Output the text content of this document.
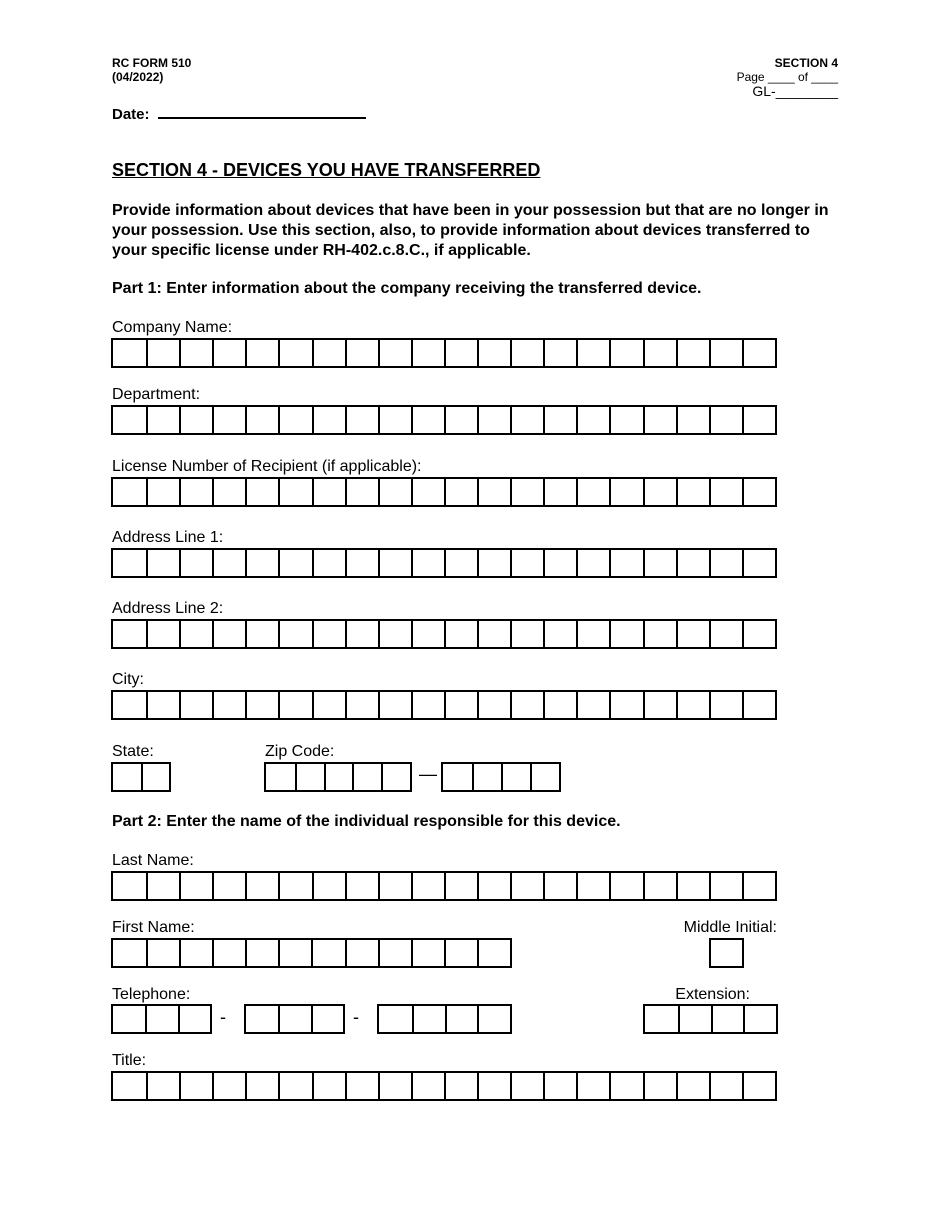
RC FORM 510
(04/2022)
SECTION 4
Page ____ of ____
GL-________
Date:
SECTION 4 - DEVICES YOU HAVE TRANSFERRED
Provide information about devices that have been in your possession but that are no longer in your possession. Use this section, also, to provide information about devices transferred to your specific license under RH-402.c.8.C., if applicable.
Part 1: Enter information about the company receiving the transferred device.
Company Name:
Department:
License Number of Recipient (if applicable):
Address Line 1:
Address Line 2:
City:
State:	Zip Code:
—
Part 2: Enter the name of the individual responsible for this device.
Last Name:
First Name:	Middle Initial:
Telephone:
-	-
Extension:
Title:
